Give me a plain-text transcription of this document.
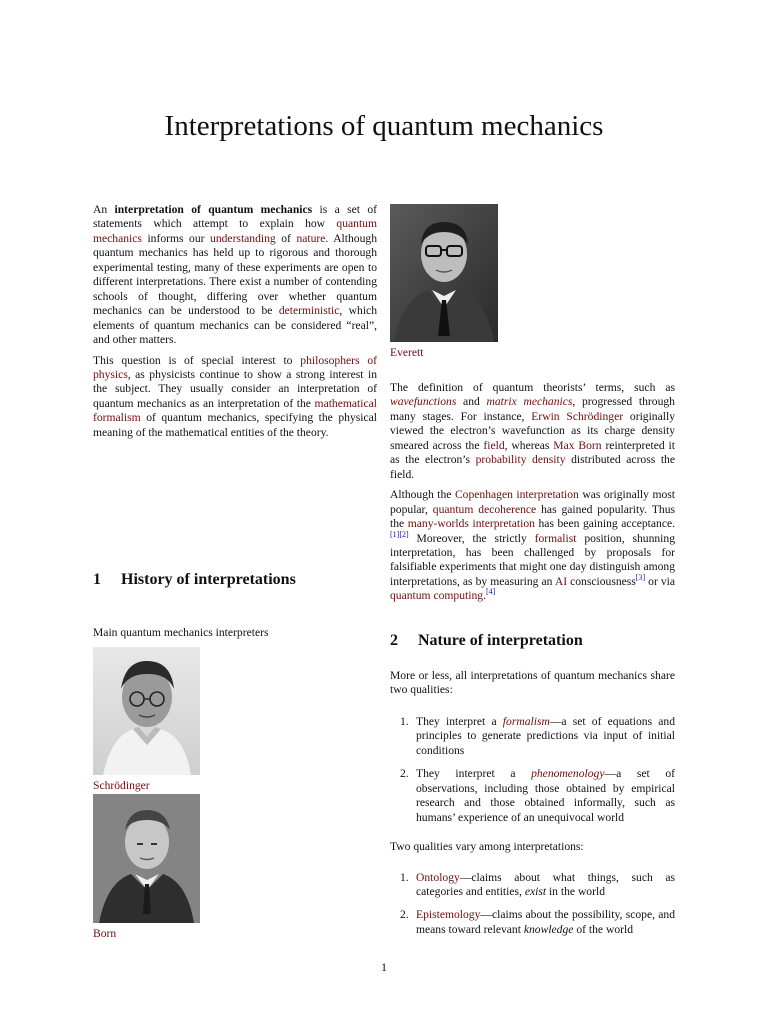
Interpretations of quantum mechanics

An interpretation of quantum mechanics is a set of statements which attempt to explain how quantum mechanics informs our understanding of nature. Although quantum mechanics has held up to rigorous and thorough experimental testing, many of these experiments are open to different interpretations. There exist a number of contending schools of thought, differing over whether quantum mechanics can be understood to be deterministic, which elements of quantum mechanics can be considered “real”, and other matters.

This question is of special interest to philosophers of physics, as physicists continue to show a strong interest in the subject. They usually consider an interpretation of quantum mechanics as an interpretation of the mathematical formalism of quantum mechanics, specifying the physical meaning of the mathematical entities of the theory.

1 History of interpretations

Main quantum mechanics interpreters

Schrödinger
Born
Everett

The definition of quantum theorists’ terms, such as wavefunctions and matrix mechanics, progressed through many stages. For instance, Erwin Schrödinger originally viewed the electron’s wavefunction as its charge density smeared across the field, whereas Max Born reinterpreted it as the electron’s probability density distributed across the field.

Although the Copenhagen interpretation was originally most popular, quantum decoherence has gained popularity. Thus the many-worlds interpretation has been gaining acceptance.[1][2] Moreover, the strictly formalist position, shunning interpretation, has been challenged by proposals for falsifiable experiments that might one day distinguish among interpretations, as by measuring an AI consciousness[3] or via quantum computing.[4]

2 Nature of interpretation

More or less, all interpretations of quantum mechanics share two qualities:

1. They interpret a formalism—a set of equations and principles to generate predictions via input of initial conditions

2. They interpret a phenomenology—a set of observations, including those obtained by empirical research and those obtained informally, such as humans’ experience of an unequivocal world

Two qualities vary among interpretations:

1. Ontology—claims about what things, such as categories and entities, exist in the world

2. Epistemology—claims about the possibility, scope, and means toward relevant knowledge of the world

1
